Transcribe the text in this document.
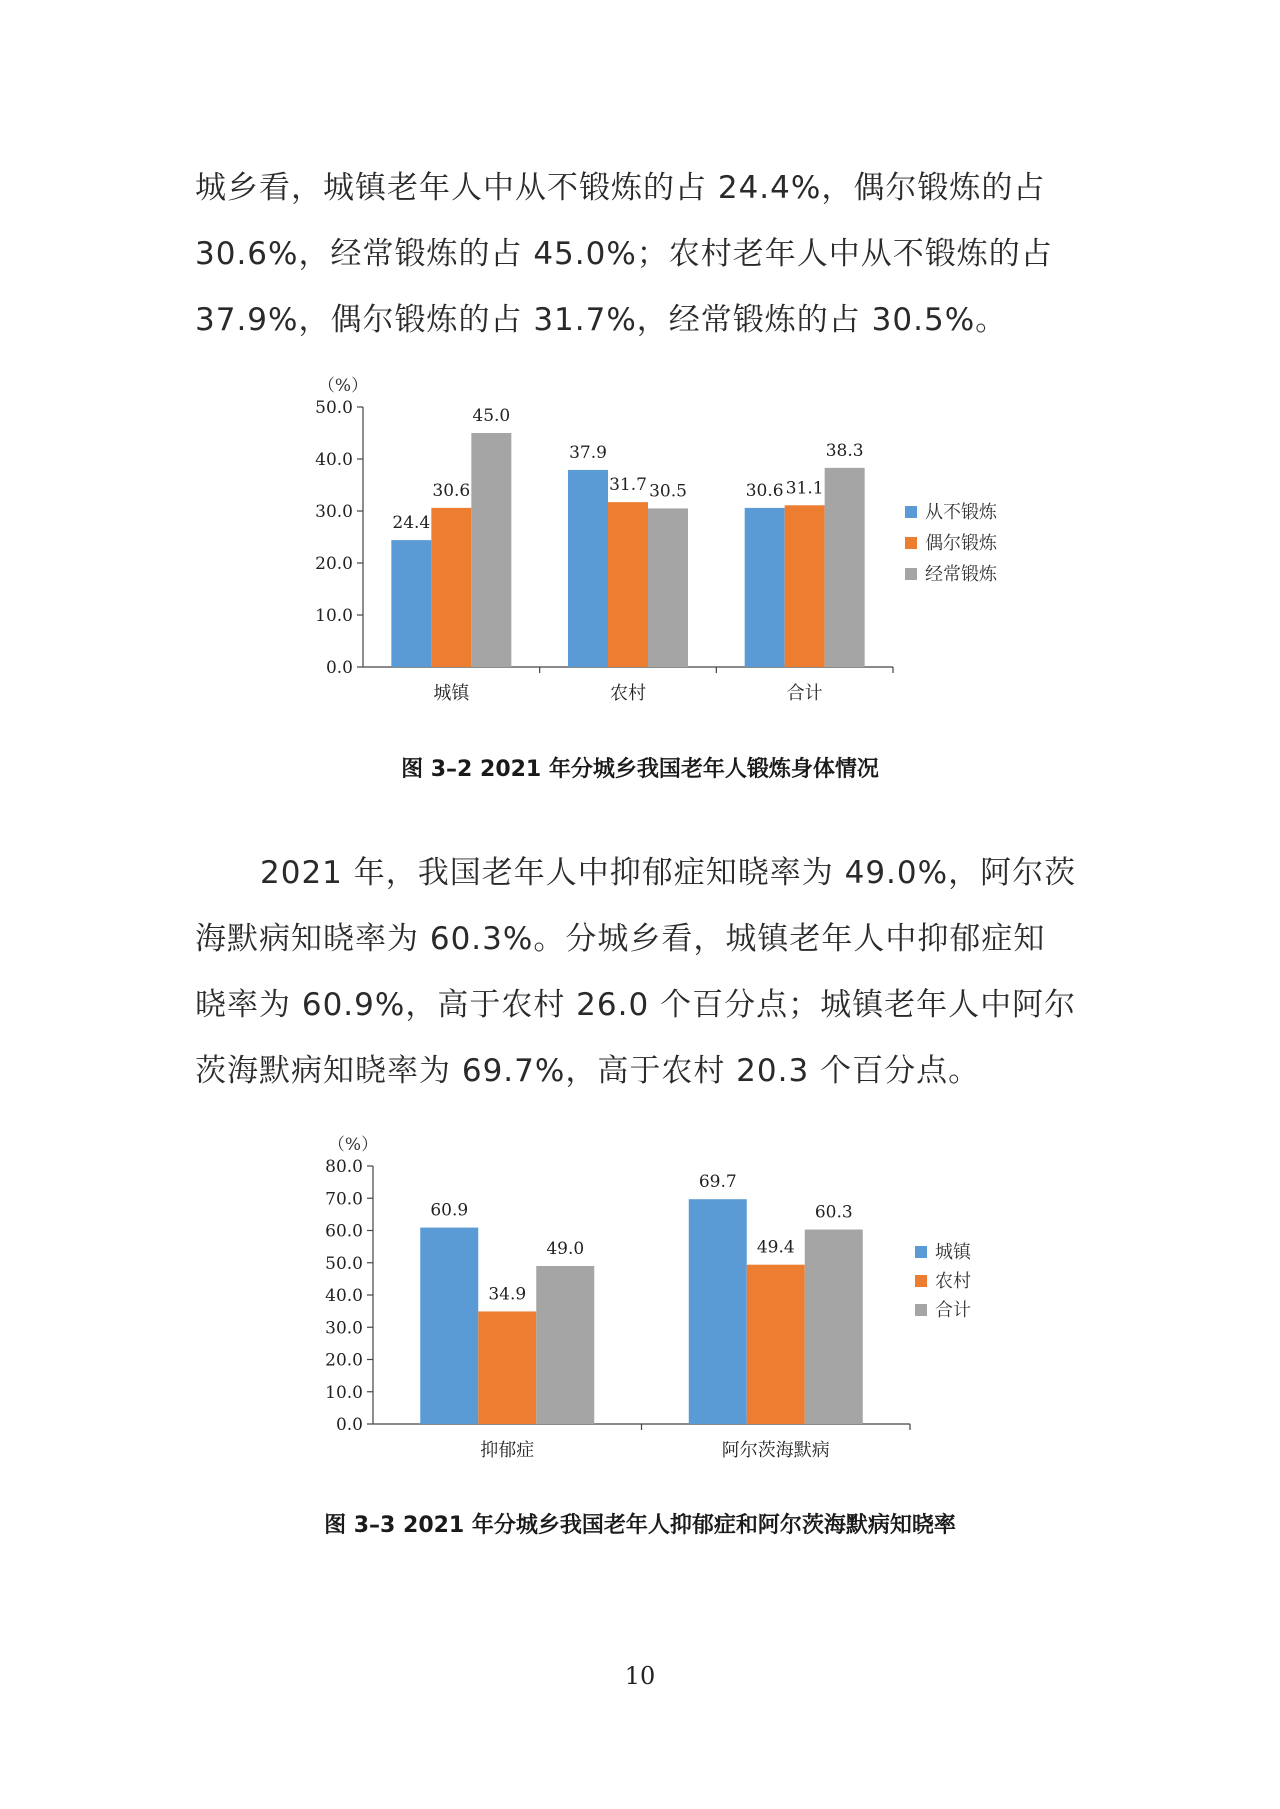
城乡看，城镇老年人中从不锻炼的占 24.4%，偶尔锻炼的占
30.6%，经常锻炼的占 45.0%；农村老年人中从不锻炼的占
37.9%，偶尔锻炼的占 31.7%，经常锻炼的占 30.5%。
（%）
0.0
10.0
20.0
30.0
40.0
50.0
24.4
30.6
45.0
城镇
37.9
31.7 30.5
农村
30.6 31.1
38.3
合计
从不锻炼
偶尔锻炼
经常锻炼
图 3–2 2021 年分城乡我国老年人锻炼身体情况
2021 年，我国老年人中抑郁症知晓率为 49.0%，阿尔茨
海默病知晓率为 60.3%。分城乡看，城镇老年人中抑郁症知
晓率为 60.9%，高于农村 26.0 个百分点；城镇老年人中阿尔
茨海默病知晓率为 69.7%，高于农村 20.3 个百分点。
（%）
0.0
10.0
20.0
30.0
40.0
50.0
60.0
70.0
80.0
60.9
34.9
49.0
抑郁症
69.7
49.4
60.3
阿尔茨海默病
城镇
农村
合计
图 3–3 2021 年分城乡我国老年人抑郁症和阿尔茨海默病知晓率
10
